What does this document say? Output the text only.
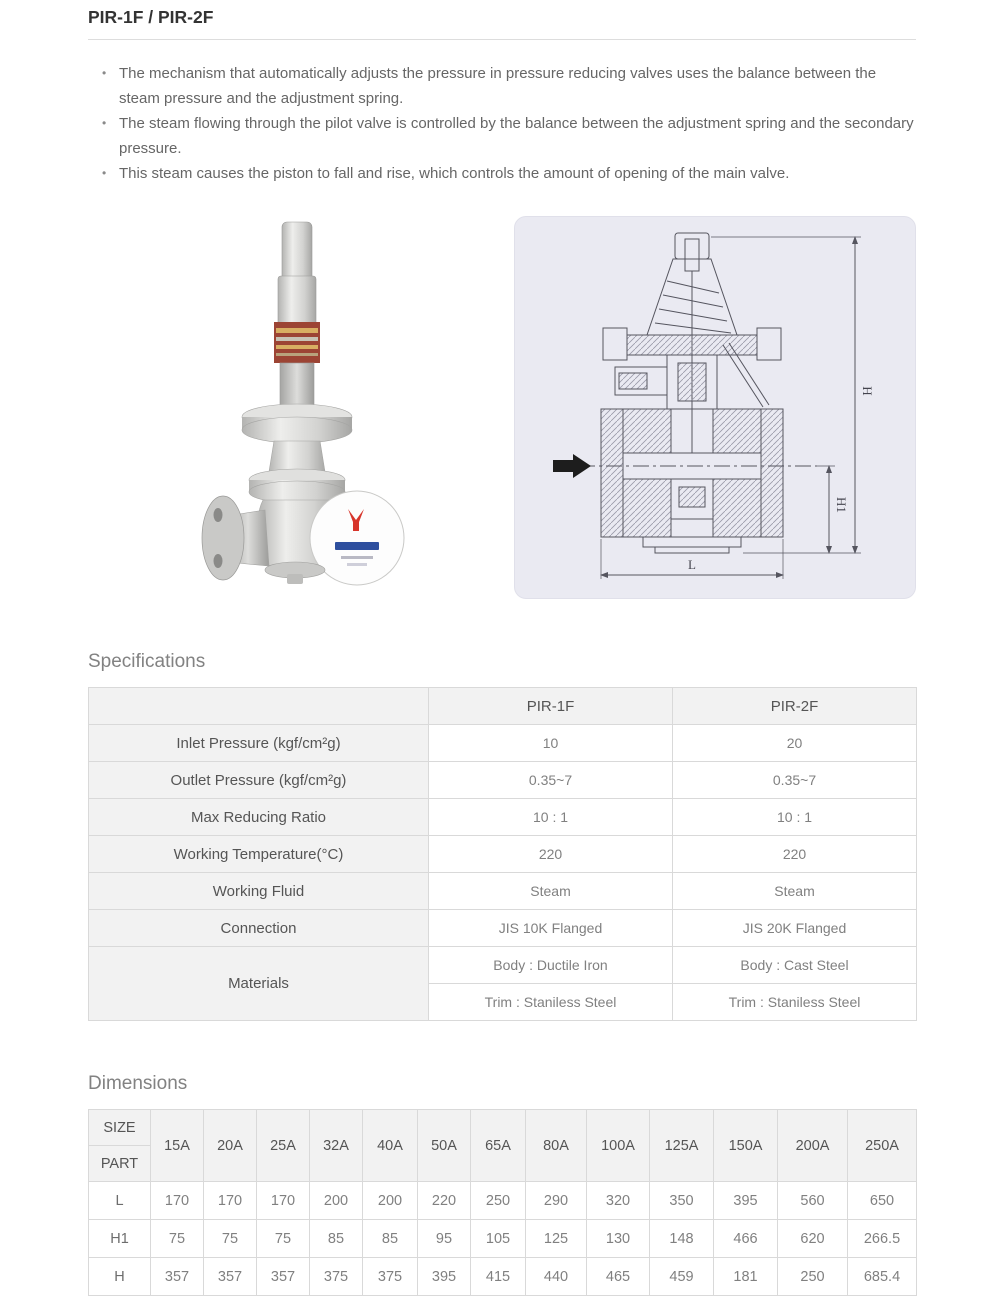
PIR-1F / PIR-2F
• The mechanism that automatically adjusts the pressure in pressure reducing valves uses the balance between the steam pressure and the adjustment spring.
• The steam flowing through the pilot valve is controlled by the balance between the adjustment spring and the secondary pressure.
• This steam causes the piston to fall and rise, which controls the amount of opening of the main valve.
H
H1
L
Specifications
	PIR-1F	PIR-2F
Inlet Pressure (kgf/cm²g)	10	20
Outlet Pressure (kgf/cm²g)	0.35~7	0.35~7
Max Reducing Ratio	10 : 1	10 : 1
Working Temperature(°C)	220	220
Working Fluid	Steam	Steam
Connection	JIS 10K Flanged	JIS 20K Flanged
Materials	Body : Ductile Iron	Body : Cast Steel
	Trim : Staniless Steel	Trim : Staniless Steel
Dimensions
SIZE	15A	20A	25A	32A	40A	50A	65A	80A	100A	125A	150A	200A	250A
PART													
L	170	170	170	200	200	220	250	290	320	350	395	560	650
H1	75	75	75	85	85	95	105	125	130	148	466	620	266.5
H	357	357	357	375	375	395	415	440	465	459	181	250	685.4
